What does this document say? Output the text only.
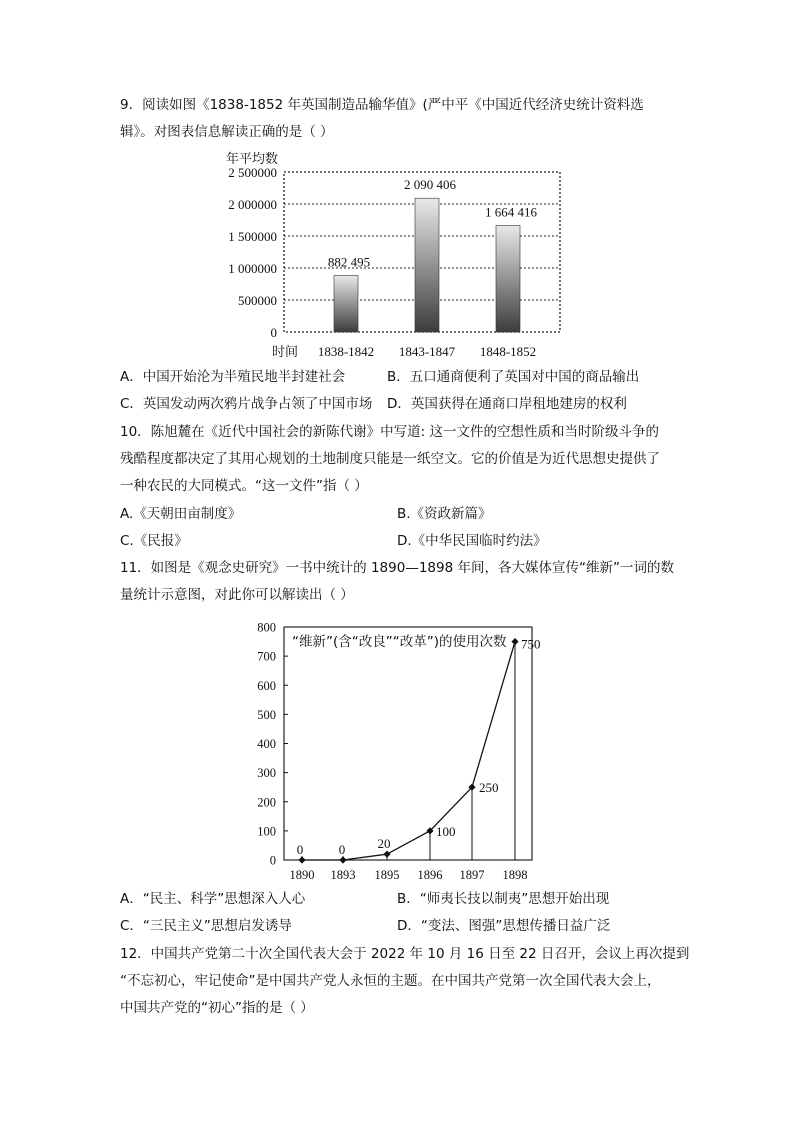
9．阅读如图《1838-1852 年英国制造品输华值》(严中平《中国近代经济史统计资料选
辑》。对图表信息解读正确的是（ ）
0
500000
1 000000
1 500000
2 000000
2 500000
年平均数
时间
882 495
1838-1842
2 090 406
1843-1847
1 664 416
1848-1852
A．中国开始沦为半殖民地半封建社会	B．五口通商便利了英国对中国的商品输出
C．英国发动两次鸦片战争占领了中国市场 D．英国获得在通商口岸租地建房的权利
10．陈旭麓在《近代中国社会的新陈代谢》中写道: 这一文件的空想性质和当时阶级斗争的
残酷程度都决定了其用心规划的土地制度只能是一纸空文。它的价值是为近代思想史提供了
一种农民的大同模式。“这一文件”指（ ）
A.《天朝田亩制度》	B.《资政新篇》
C.《民报》	D.《中华民国临时约法》
11．如图是《观念史研究》一书中统计的 1890—1898 年间，各大媒体宣传“维新”一词的数
量统计示意图，对此你可以解读出（ ）
0
100
200
300
400
500
600
700
800
“维新”(含“改良”“改革”)的使用次数
0
1890
0
1893
20
1895
100
1896
250
1897
750
1898
A．“民主、科学”思想深入人心	B．“师夷长技以制夷”思想开始出现
C．“三民主义”思想启发诱导	D．“变法、图强”思想传播日益广泛
12．中国共产党第二十次全国代表大会于 2022 年 10 月 16 日至 22 日召开，会议上再次提到
“不忘初心，牢记使命”是中国共产党人永恒的主题。在中国共产党第一次全国代表大会上，
中国共产党的“初心”指的是（ ）
